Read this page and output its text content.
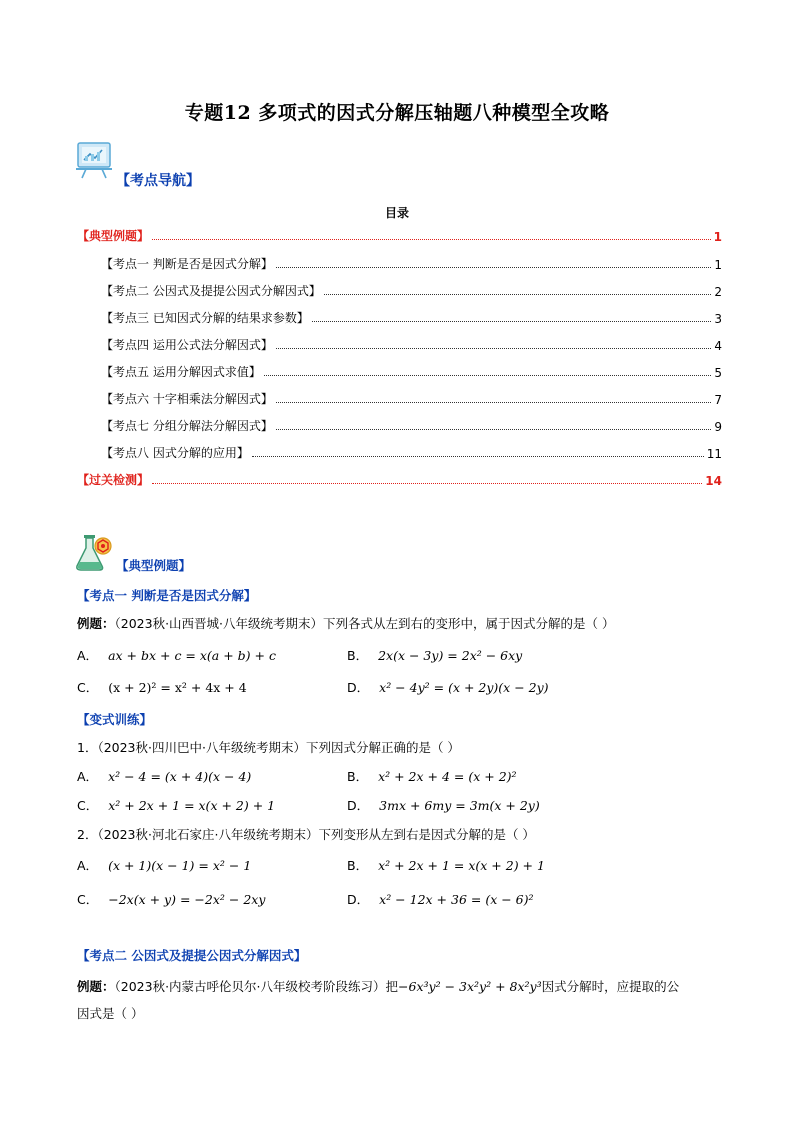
专题12 多项式的因式分解压轴题八种模型全攻略
【考点导航】
目录
【典型例题】	1
【考点一 判断是否是因式分解】	1
【考点二 公因式及提提公因式分解因式】	2
【考点三 已知因式分解的结果求参数】	3
【考点四 运用公式法分解因式】	4
【考点五 运用分解因式求值】	5
【考点六 十字相乘法分解因式】	7
【考点七 分组分解法分解因式】	9
【考点八 因式分解的应用】	11
【过关检测】	14
【典型例题】
【考点一 判断是否是因式分解】
例题：（2023秋·山西晋城·八年级统考期末）下列各式从左到右的变形中，属于因式分解的是（ ）
A． ax + bx + c = x(a + b) + c	B． 2x(x − 3y) = 2x² − 6xy
C． (x + 2)² = x² + 4x + 4	D． x² − 4y² = (x + 2y)(x − 2y)
【变式训练】
1．（2023秋·四川巴中·八年级统考期末）下列因式分解正确的是（ ）
A． x² − 4 = (x + 4)(x − 4)	B． x² + 2x + 4 = (x + 2)²
C． x² + 2x + 1 = x(x + 2) + 1	D． 3mx + 6my = 3m(x + 2y)
2．（2023秋·河北石家庄·八年级统考期末）下列变形从左到右是因式分解的是（ ）
A． (x + 1)(x − 1) = x² − 1	B． x² + 2x + 1 = x(x + 2) + 1
C． −2x(x + y) = −2x² − 2xy	D． x² − 12x + 36 = (x − 6)²
【考点二 公因式及提提公因式分解因式】
例题：（2023秋·内蒙古呼伦贝尔·八年级校考阶段练习）把−6x³y² − 3x²y² + 8x²y³因式分解时，应提取的公
因式是（ ）
